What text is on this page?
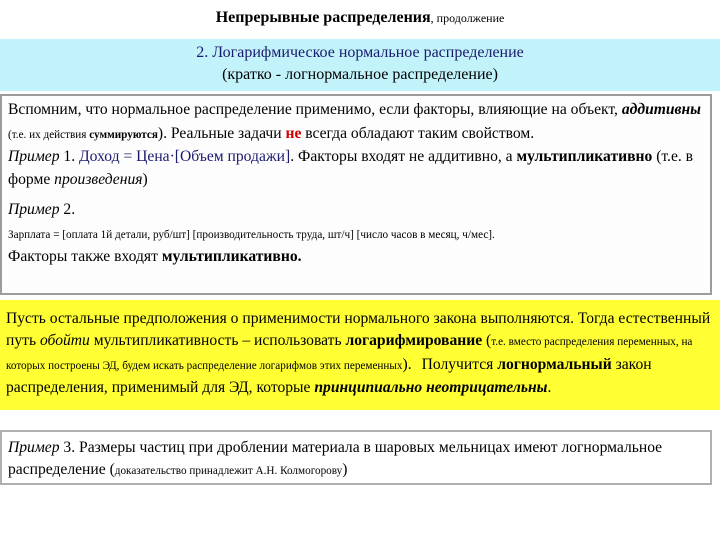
Непрерывные распределения, продолжение
2. Логарифмическое нормальное распределение
(кратко - логнормальное распределение)

Вспомним, что нормальное распределение применимо, если факторы, влияющие на объект, аддитивны (т.е. их действия суммируются). Реальные задачи не всегда обладают таким свойством.

Пример 1. Доход = Цена·[Объем продажи]. Факторы входят не аддитивно, а мультипликативно (т.е. в форме произведения)

Пример 2.

Зарплата = [оплата 1й детали, руб/шт] [производительность труда, шт/ч] [число часов в месяц, ч/мес].

Факторы также входят мультипликативно.

Пусть остальные предположения о применимости нормального закона выполняются. Тогда естественный путь обойти мультипликативность – использовать логарифмирование (т.е. вместо распределения переменных, на которых построены ЭД, будем искать распределение логарифмов этих переменных). Получится логнормальный закон распределения, применимый для ЭД, которые принципиально неотрицательны.

Пример 3. Размеры частиц при дроблении материала в шаровых мельницах имеют логнормальное распределение (доказательство принадлежит А.Н. Колмогорову)
